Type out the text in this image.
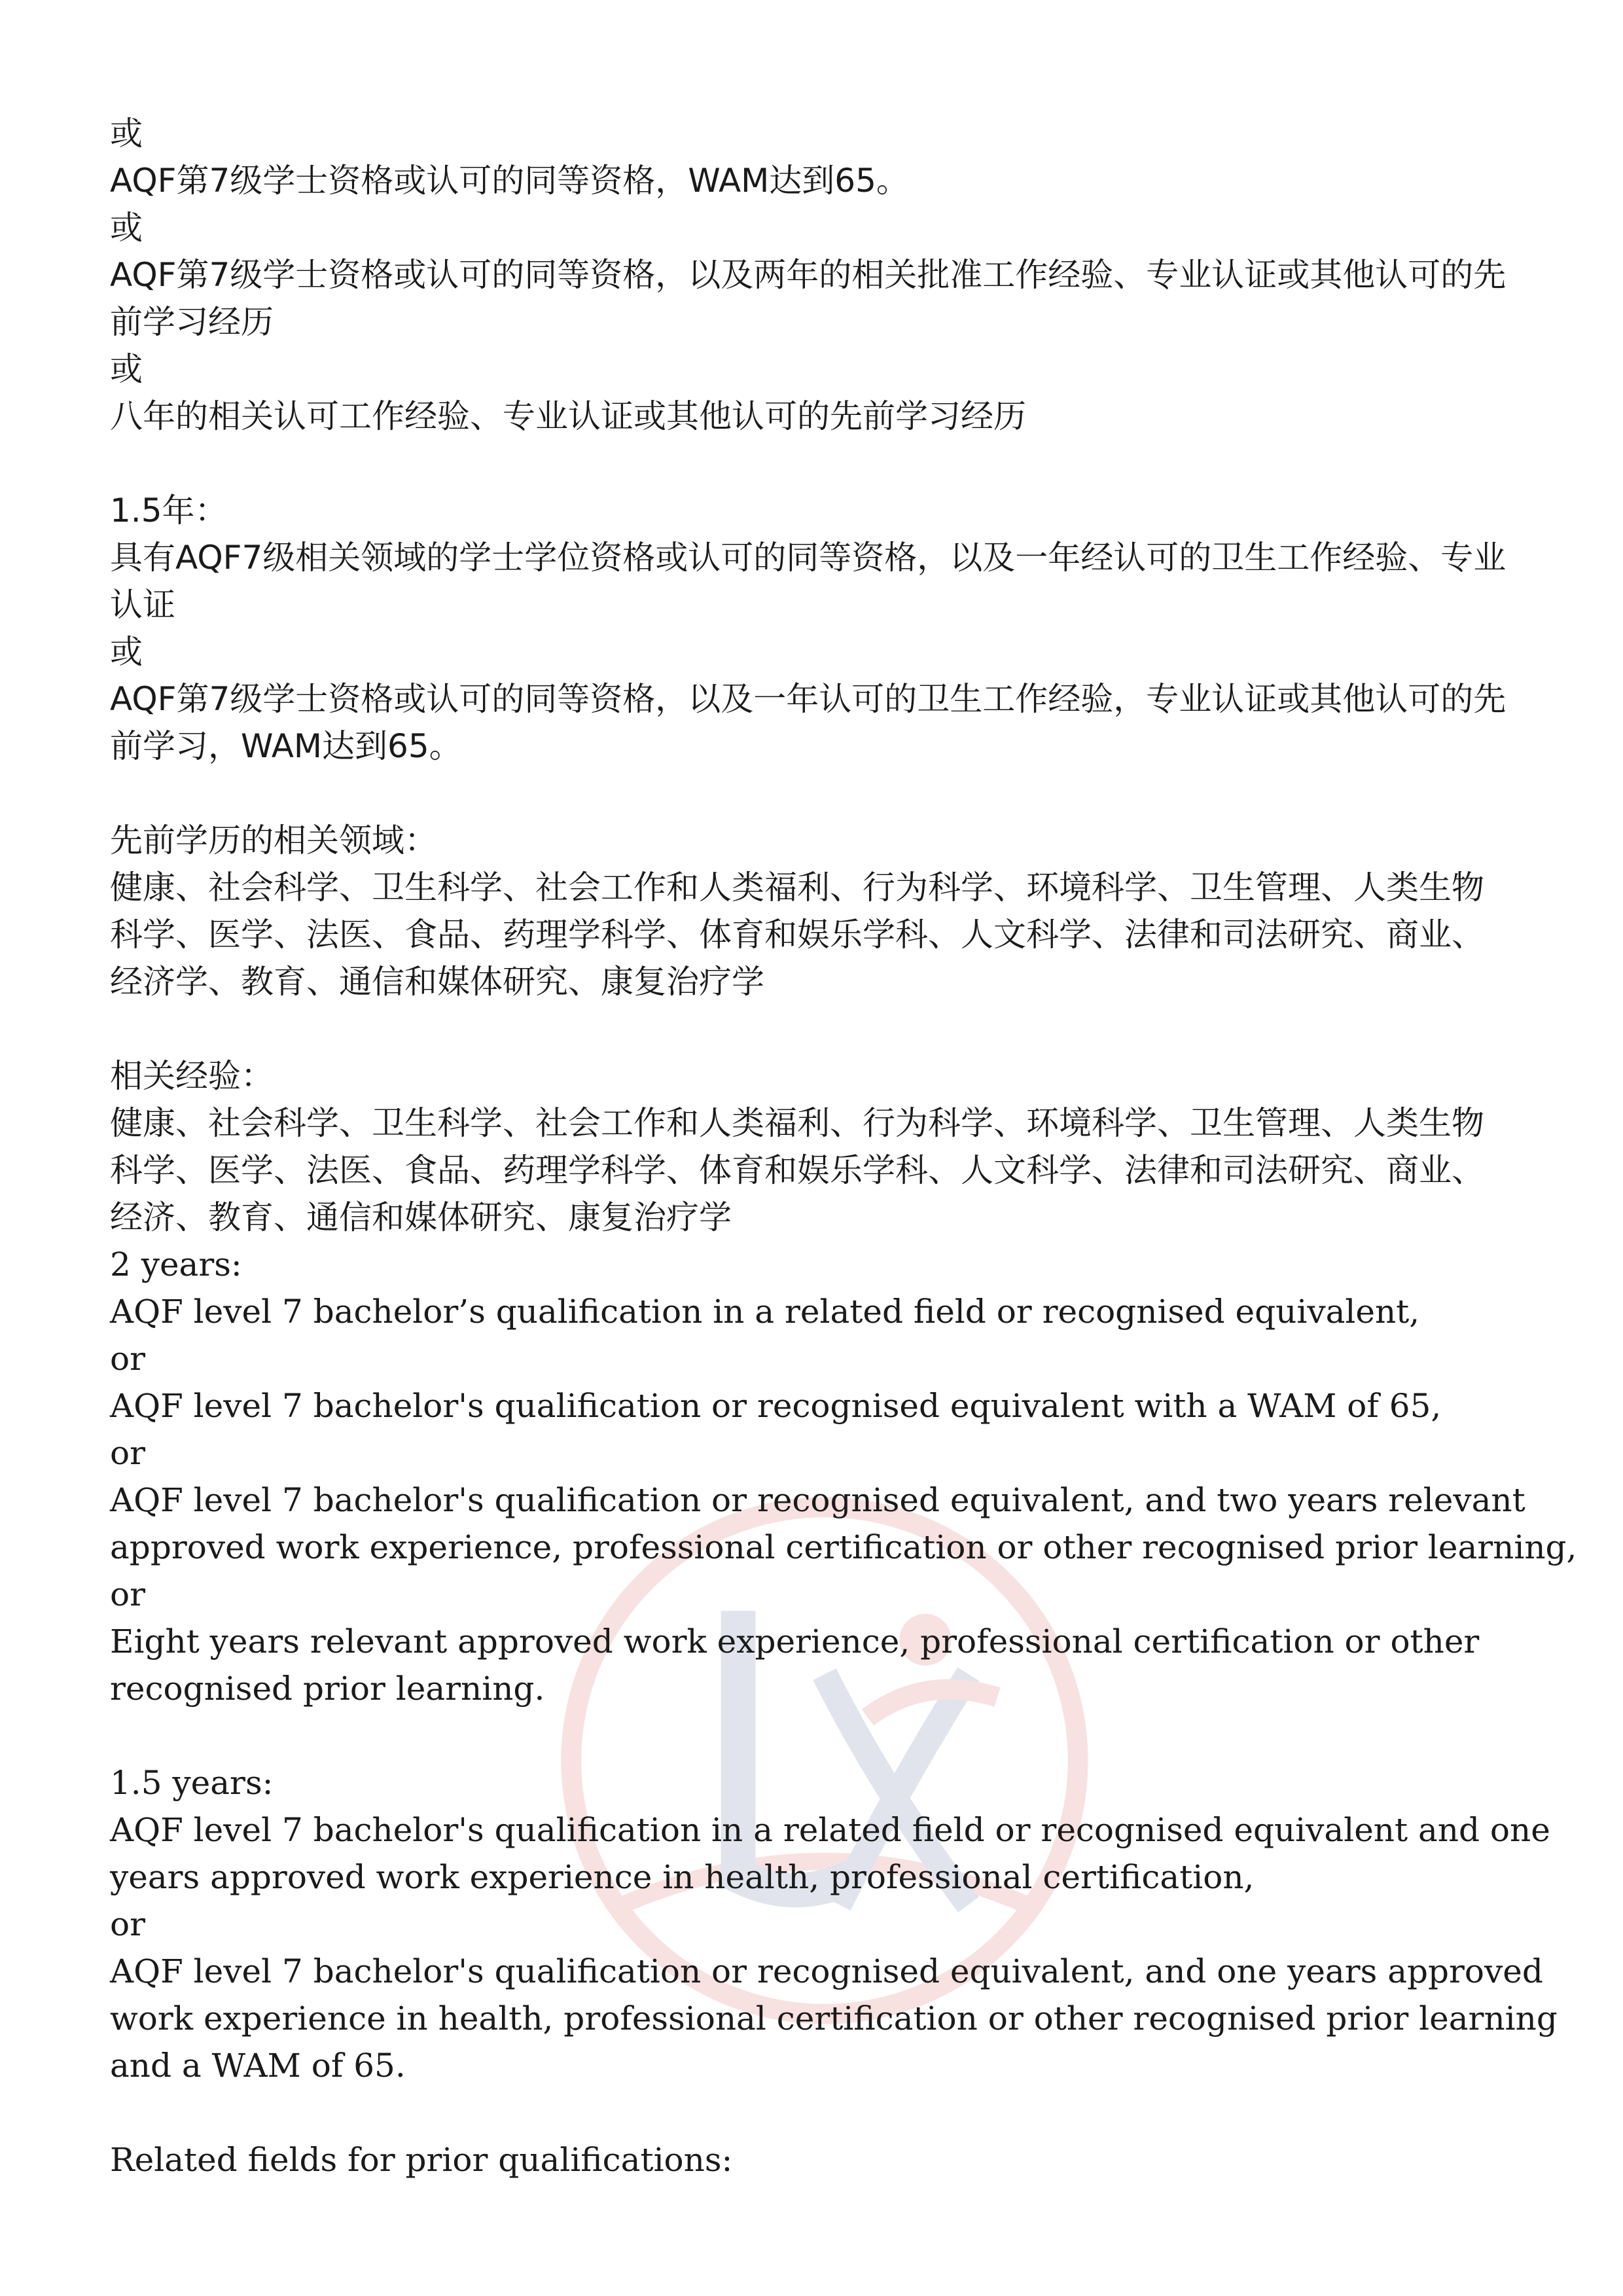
或
AQF第7级学士资格或认可的同等资格，WAM达到65。
或
AQF第7级学士资格或认可的同等资格，以及两年的相关批准工作经验、专业认证或其他认可的先
前学习经历
或
八年的相关认可工作经验、专业认证或其他认可的先前学习经历
1.5年：
具有AQF7级相关领域的学士学位资格或认可的同等资格，以及一年经认可的卫生工作经验、专业
认证
或
AQF第7级学士资格或认可的同等资格，以及一年认可的卫生工作经验，专业认证或其他认可的先
前学习，WAM达到65。
先前学历的相关领域：
健康、社会科学、卫生科学、社会工作和人类福利、行为科学、环境科学、卫生管理、人类生物
科学、医学、法医、食品、药理学科学、体育和娱乐学科、人文科学、法律和司法研究、商业、
经济学、教育、通信和媒体研究、康复治疗学
相关经验：
健康、社会科学、卫生科学、社会工作和人类福利、行为科学、环境科学、卫生管理、人类生物
科学、医学、法医、食品、药理学科学、体育和娱乐学科、人文科学、法律和司法研究、商业、
经济、教育、通信和媒体研究、康复治疗学
2 years:
AQF level 7 bachelor’s qualification in a related field or recognised equivalent,
or
AQF level 7 bachelor's qualification or recognised equivalent with a WAM of 65,
or
AQF level 7 bachelor's qualification or recognised equivalent, and two years relevant
approved work experience, professional certification or other recognised prior learning,
or
Eight years relevant approved work experience, professional certification or other
recognised prior learning.
1.5 years:
AQF level 7 bachelor's qualification in a related field or recognised equivalent and one
years approved work experience in health, professional certification,
or
AQF level 7 bachelor's qualification or recognised equivalent, and one years approved
work experience in health, professional certification or other recognised prior learning
and a WAM of 65.
Related fields for prior qualifications:
